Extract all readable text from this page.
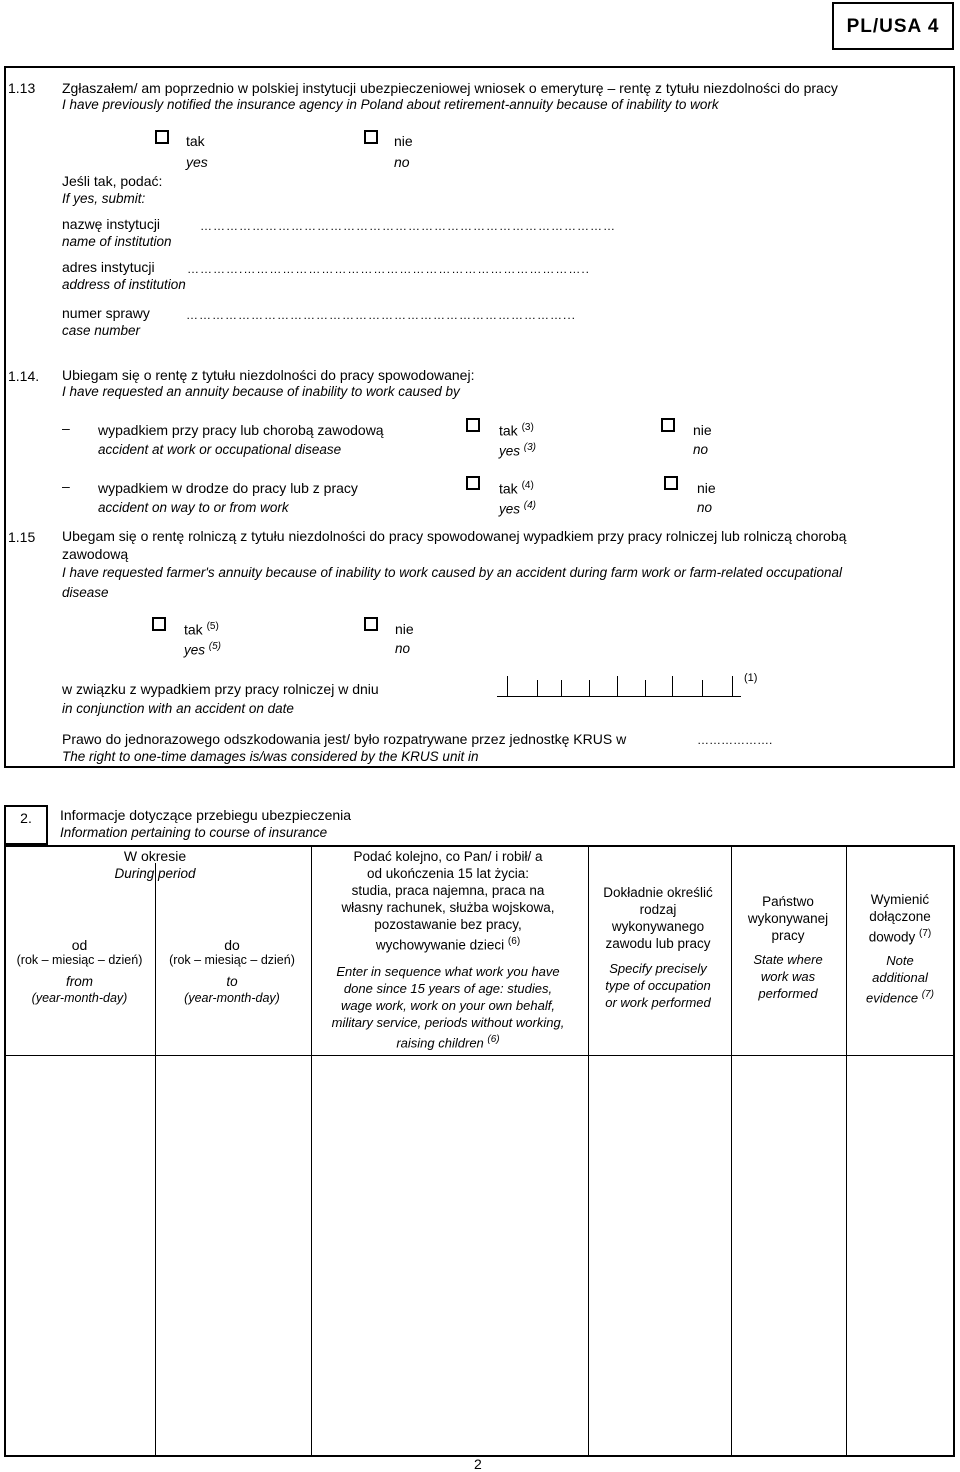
PL/USA 4
1.13 Zgłaszałem/ am poprzednio w polskiej instytucji ubezpieczeniowej wniosek o emeryturę – rentę z tytułu niezdolności do pracy
I have previously notified the insurance agency in Poland about retirement-annuity because of inability to work
tak
yes
nie
no
Jeśli tak, podać:
If yes, submit:
nazwę instytucji
name of institution
……………………………………………………………………………………
adres instytucji
address of institution
………….……………………………………………………………………..
numer sprawy
case number
……………………………………………………………………………...
1.14. Ubiegam się o rentę z tytułu niezdolności do pracy spowodowanej:
I have requested an annuity because of inability to work caused by
– wypadkiem przy pracy lub chorobą zawodową
accident at work or occupational disease
tak $^{(3)}$
yes $^{(3)}$
nie
no
– wypadkiem w drodze do pracy lub z pracy
accident on way to or from work
tak $^{(4)}$
yes $^{(4)}$
nie
no
1.15 Ubegam się o rentę rolniczą z tytułu niezdolności do pracy spowodowanej wypadkiem przy pracy rolniczej lub rolniczą chorobą
zawodową
I have requested farmer's annuity because of inability to work caused by an accident during farm work or farm-related occupational
disease
tak $^{(5)}$
yes $^{(5)}$
nie
no
w związku z wypadkiem przy pracy rolniczej w dniu
in conjunction with an accident on date
(1)
Prawo do jednorazowego odszkodowania jest/ było rozpatrywane przez jednostkę KRUS w	……………….
The right to one-time damages is/was considered by the KRUS unit in
2.	Informacje dotyczące przebiegu ubezpieczenia
Information pertaining to course of insurance
W okresie
During period
od
(rok – miesiąc – dzień)
from
(year-month-day)
do
(rok – miesiąc – dzień)
to
(year-month-day)
Podać kolejno, co Pan/ i robił/ a
od ukończenia 15 lat życia:
studia, praca najemna, praca na
własny rachunek, służba wojskowa,
pozostawanie bez pracy,
wychowywanie dzieci $^{(6)}$
Enter in sequence what work you have
done since 15 years of age: studies,
wage work, work on your own behalf,
military service, periods without working,
raising children $^{(6)}$
Dokładnie określić
rodzaj
wykonywanego
zawodu lub pracy
Specify precisely
type of occupation
or work performed
Państwo
wykonywanej
pracy
State where
work was
performed
Wymienić
dołączone
dowody $^{(7)}$
Note
additional
evidence $^{(7)}$
2
